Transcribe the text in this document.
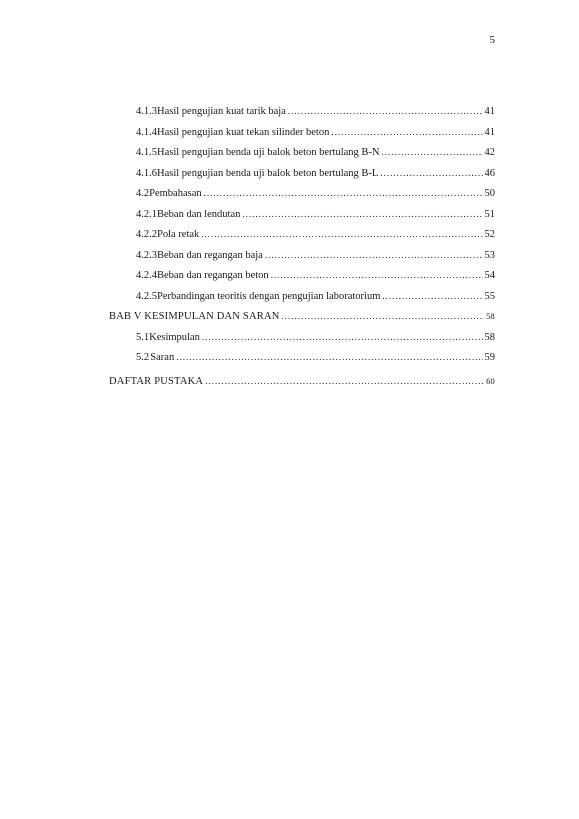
5
4.1.3 Hasil pengujian kuat tarik baja .....	41
4.1.4 Hasil pengujian kuat tekan silinder beton .....	41
4.1.5 Hasil pengujian benda uji balok beton bertulang B-N .....	42
4.1.6 Hasil pengujian benda uji balok beton bertulang B-L .....	46
4.2 Pembahasan .....	50
4.2.1 Beban dan lendutan .....	51
4.2.2 Pola retak .....	52
4.2.3 Beban dan regangan baja .....	53
4.2.4 Beban dan regangan beton .....	54
4.2.5 Perbandingan teoritis dengan pengujian laboratorium .....	55
BAB V KESIMPULAN DAN SARAN .....	58
5.1 Kesimpulan .....	58
5.2 Saran .....	59
DAFTAR PUSTAKA .....	60
